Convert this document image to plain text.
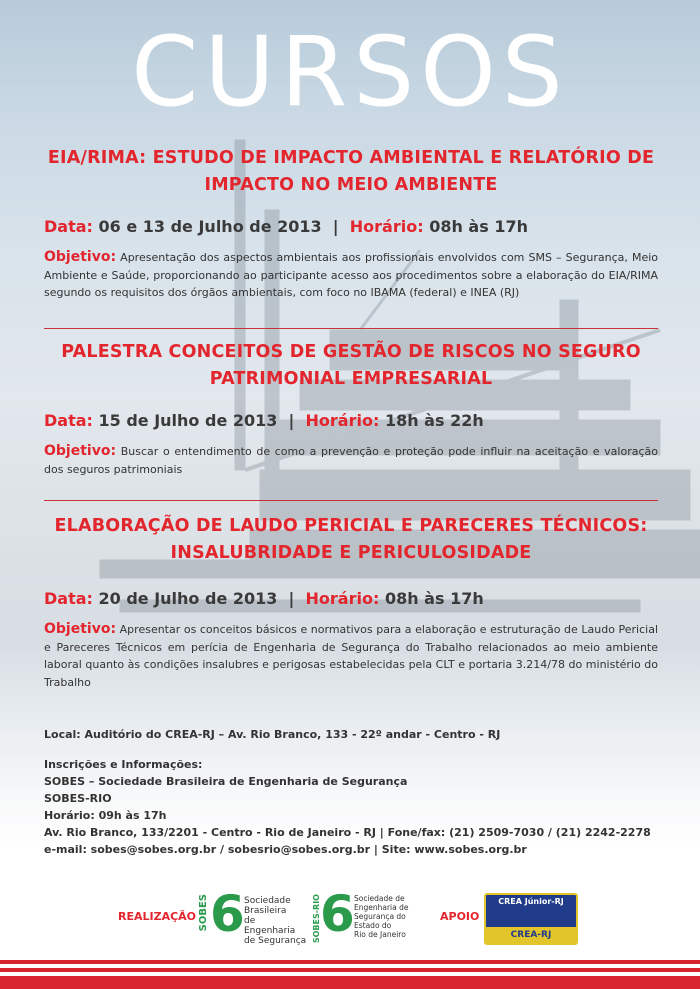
CURSOS
EIA/RIMA: ESTUDO DE IMPACTO AMBIENTAL E RELATÓRIO DE
IMPACTO NO MEIO AMBIENTE
Data: 06 e 13 de Julho de 2013 | Horário: 08h às 17h
Objetivo: Apresentação dos aspectos ambientais aos profissionais envolvidos com SMS – Segurança, Meio Ambiente e Saúde, proporcionando ao participante acesso aos procedimentos sobre a elaboração do EIA/RIMA segundo os requisitos dos órgãos ambientais, com foco no IBAMA (federal) e INEA (RJ)
PALESTRA CONCEITOS DE GESTÃO DE RISCOS NO SEGURO
PATRIMONIAL EMPRESARIAL
Data: 15 de Julho de 2013 | Horário: 18h às 22h
Objetivo: Buscar o entendimento de como a prevenção e proteção pode influir na aceitação e valoração dos seguros patrimoniais
ELABORAÇÃO DE LAUDO PERICIAL E PARECERES TÉCNICOS:
INSALUBRIDADE E PERICULOSIDADE
Data: 20 de Julho de 2013 | Horário: 08h às 17h
Objetivo: Apresentar os conceitos básicos e normativos para a elaboração e estruturação de Laudo Pericial e Pareceres Técnicos em perícia de Engenharia de Segurança do Trabalho relacionados ao meio ambiente laboral quanto às condições insalubres e perigosas estabelecidas pela CLT e portaria 3.214/78 do ministério do Trabalho
Local: Auditório do CREA-RJ – Av. Rio Branco, 133 - 22º andar - Centro - RJ
Inscrições e Informações:
SOBES – Sociedade Brasileira de Engenharia de Segurança
SOBES-RIO
Horário: 09h às 17h
Av. Rio Branco, 133/2201 - Centro - Rio de Janeiro - RJ | Fone/fax: (21) 2509-7030 / (21) 2242-2278
e-mail: sobes@sobes.org.br / sobesrio@sobes.org.br | Site: www.sobes.org.br
REALIZAÇÃO SOBES 6 Sociedade
Brasileira
de Engenharia
de Segurança SOBES-RIO 6 Sociedade de
Engenharia de
Segurança do
Estado do
Rio de Janeiro
APOIO
CREA Júnior-RJ
CREA-RJ
